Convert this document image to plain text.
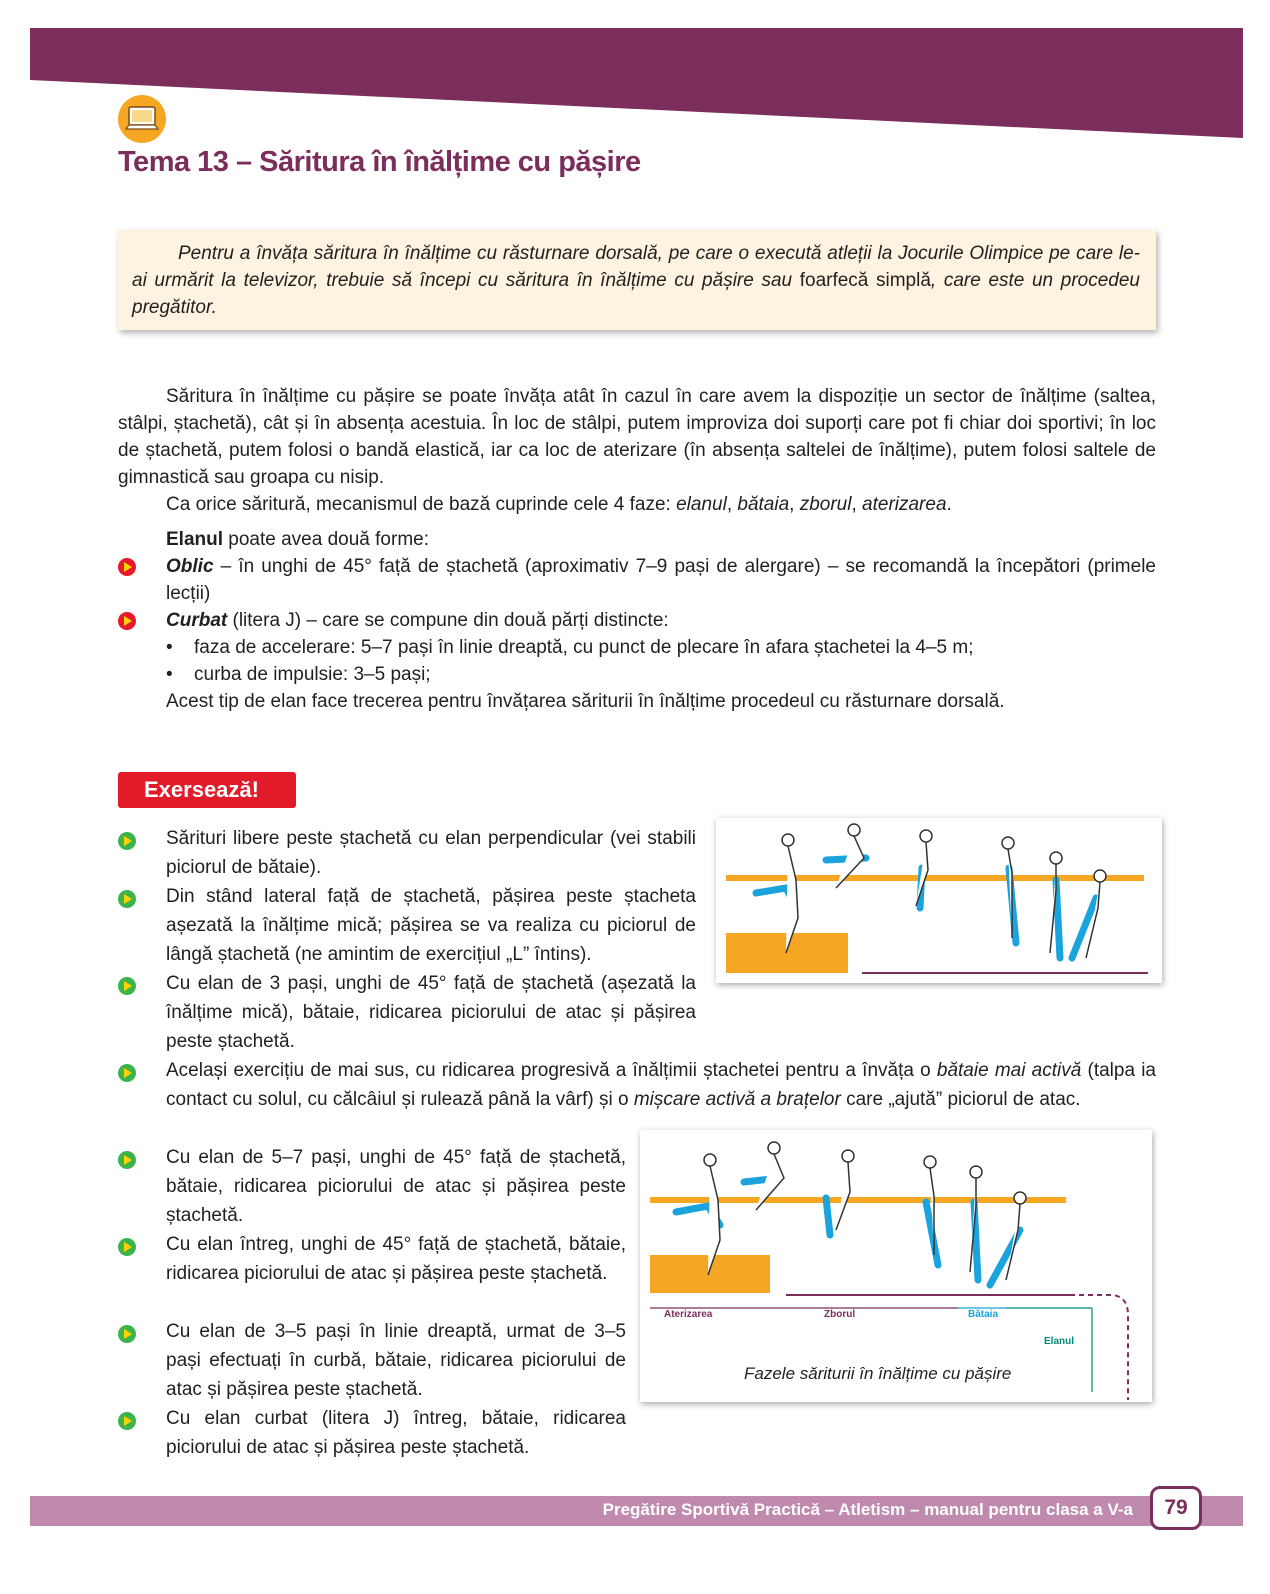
Tema 13 – Săritura în înălțime cu pășire
Pentru a învăța săritura în înălțime cu răsturnare dorsală, pe care o execută atleții la Jocurile Olimpice pe care le-ai urmărit la televizor, trebuie să începi cu săritura în înălțime cu pășire sau foarfecă simplă, care este un procedeu pregătitor.

Săritura în înălțime cu pășire se poate învăța atât în cazul în care avem la dispoziție un sector de înălțime (saltea, stâlpi, ștachetă), cât și în absența acestuia. În loc de stâlpi, putem improviza doi suporți care pot fi chiar doi sportivi; în loc de ștachetă, putem folosi o bandă elastică, iar ca loc de aterizare (în absența saltelei de înălțime), putem folosi saltele de gimnastică sau groapa cu nisip.

Ca orice săritură, mecanismul de bază cuprinde cele 4 faze: elanul, bătaia, zborul, aterizarea.

Elanul poate avea două forme:

Oblic – în unghi de 45° față de ștachetă (aproximativ 7–9 pași de alergare) – se recomandă la începători (primele lecții)

Curbat (litera J) – care se compune din două părți distincte:

• faza de accelerare: 5–7 pași în linie dreaptă, cu punct de plecare în afara ștachetei la 4–5 m;

• curba de impulsie: 3–5 pași;

Acest tip de elan face trecerea pentru învățarea săriturii în înălțime procedeul cu răsturnare dorsală.

Exersează!

Sărituri libere peste ștachetă cu elan perpendicular (vei stabili piciorul de bătaie).

Din stând lateral față de ștachetă, pășirea peste ștacheta așezată la înălțime mică; pășirea se va realiza cu piciorul de lângă ștachetă (ne amintim de exercițiul „L” întins).

Cu elan de 3 pași, unghi de 45° față de ștachetă (așezată la înălțime mică), bătaie, ridicarea piciorului de atac și pășirea peste ștachetă.

Același exercițiu de mai sus, cu ridicarea progresivă a înălțimii ștachetei pentru a învăța o bătaie mai activă (talpa ia contact cu solul, cu călcâiul și rulează până la vârf) și o mișcare activă a brațelor care „ajută” piciorul de atac.

Cu elan de 5–7 pași, unghi de 45° față de ștachetă, bătaie, ridicarea piciorului de atac și pășirea peste ștachetă.

Cu elan întreg, unghi de 45° față de ștachetă, bătaie, ridicarea piciorului de atac și pășirea peste ștachetă.

Cu elan de 3–5 pași în linie dreaptă, urmat de 3–5 pași efectuați în curbă, bătaie, ridicarea piciorului de atac și pășirea peste ștachetă.

Cu elan curbat (litera J) întreg, bătaie, ridicarea piciorului de atac și pășirea peste ștachetă.

Aterizarea	Zborul	Bătaia
Elanul
Fazele săriturii în înălțime cu pășire
Pregătire Sportivă Practică – Atletism – manual pentru clasa a V-a	79
